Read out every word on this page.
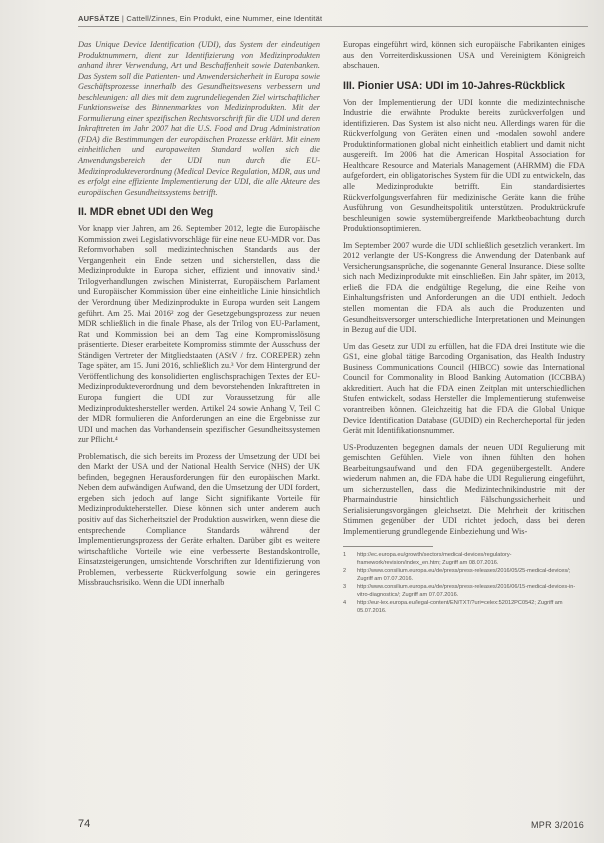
AUFSÄTZE | Cattell/Zinnes, Ein Produkt, eine Nummer, eine Identität

Das Unique Device Identification (UDI), das System der eindeutigen Produktnummern, dient zur Identifizierung von Medizinprodukten anhand ihrer Verwendung, Art und Beschaffenheit sowie Datenbanken. Das System soll die Patienten- und Anwendersicherheit in Europa sowie Geschäftsprozesse innerhalb des Gesundheitswesens verbessern und beschleunigen: all dies mit dem zugrundeliegenden Ziel wirtschaftlicher Funktionsweise des Binnenmarktes von Medizinprodukten. Mit der Formulierung einer spezifischen Rechtsvorschrift für die UDI und deren Inkrafttreten im Jahr 2007 hat die U.S. Food and Drug Administration (FDA) die Bestimmungen der europäischen Prozesse erklärt. Mit einem einheitlichen und europaweiten Standard wollen sich die Anwendungsbereich der UDI nun durch die EU-Medizinprodukteverordnung (Medical Device Regulation, MDR, aus und es erfolgt eine effiziente Implementierung der UDI, die alle Akteure des europäischen Gesundheitssystems betrifft.

II. MDR ebnet UDI den Weg

Vor knapp vier Jahren, am 26. September 2012, legte die Europäische Kommission zwei Legislativvorschläge für eine neue EU-MDR vor. Das Reformvorhaben soll medizintechnischen Standards aus der Vergangenheit ein Ende setzen und sicherstellen, dass die Medizinprodukte in Europa sicher, effizient und innovativ sind.¹ Trilogverhandlungen zwischen Ministerrat, Europäischem Parlament und Europäischer Kommission über eine einheitliche Linie hinsichtlich der Verordnung über Medizinprodukte in Europa wurden seit Langem geführt. Am 25. Mai 2016² zog der Gesetzgebungsprozess zur neuen MDR schließlich in die finale Phase, als der Trilog von EU-Parlament, Rat und Kommission bei an dem Tag eine Kompromisslösung präsentierte. Dieser erarbeitete Kompromiss stimmte der Ausschuss der Ständigen Vertreter der Mitgliedstaaten (AStV / frz. COREPER) zehn Tage später, am 15. Juni 2016, schließlich zu.³ Vor dem Hintergrund der Veröffentlichung des konsolidierten englischsprachigen Textes der EU-Medizinprodukteverordnung und dem bevorstehenden Inkrafttreten in Europa fungiert die UDI zur Voraussetzung für alle Medizinprodukteshersteller werden. Artikel 24 sowie Anhang V, Teil C der MDR formulieren die Anforderungen an eine die Ergebnisse zur UDI und machen das Vorhandensein spezifischer Gesundheitssystemen zur Pflicht.⁴

Problematisch, die sich bereits im Prozess der Umsetzung der UDI bei den Markt der USA und der National Health Service (NHS) der UK befinden, begegnen Herausforderungen für den europäischen Markt. Neben dem aufwändigen Aufwand, den die Umsetzung der UDI fordert, ergeben sich jedoch auf lange Sicht signifikante Vorteile für Medizinproduktehersteller. Diese können sich unter anderem auch positiv auf das Sicherheitsziel der Produktion auswirken, wenn diese die entsprechende Compliance Standards während der Implementierungsprozess der Geräte erhalten. Darüber gibt es weitere wirtschaftliche Vorteile wie eine verbesserte Bestandskontrolle, Einsatzsteigerungen, umsichtende Vorschriften zur Identifizierung von Problemen, verbesserte Rückverfolgung sowie ein geringeres Missbrauchsrisiko. Wenn die UDI innerhalb

Europas eingeführt wird, können sich europäische Fabrikanten einiges aus den Vorreiterdiskussionen USA und Vereinigtem Königreich abschauen.

III. Pionier USA: UDI im 10-Jahres-Rückblick

Von der Implementierung der UDI konnte die medizintechnische Industrie die erwähnte Produkte bereits zurückverfolgen und identifizieren. Das System ist also nicht neu. Allerdings waren für die Rückverfolgung von Geräten einen und -modalen sowohl andere Produktinformationen global nicht einheitlich etabliert und damit nicht ausgereift. Im 2006 hat die American Hospital Association for Healthcare Resource and Materials Management (AHRMM) die FDA aufgefordert, ein obligatorisches System für die UDI zu entwickeln, das alle Medizinprodukte betrifft. Ein standardisiertes Rückverfolgungsverfahren für medizinische Geräte kann die frühe Ausführung von Gesundheitspolitik unterstützen. Produktrückrufe beschleunigen sowie systemübergreifende Marktbeobachtung durch Produktionsoptimieren.

Im September 2007 wurde die UDI schließlich gesetzlich verankert. Im 2012 verlangte der US-Kongress die Anwendung der Datenbank auf Versicherungsansprüche, die sogenannte General Insurance. Diese sollte sich nach Medizinprodukte mit einschließen. Ein Jahr später, im 2013, erließ die FDA die endgültige Regelung, die eine Reihe von Einhaltungsfristen und Anforderungen an die UDI enthielt. Jedoch stellen momentan die FDA als auch die Produzenten und Gesundheitsversorger unterschiedliche Interpretationen und Meinungen in Bezug auf die UDI.

Um das Gesetz zur UDI zu erfüllen, hat die FDA drei Institute wie die GS1, eine global tätige Barcoding Organisation, das Health Industry Business Communications Council (HIBCC) sowie das International Council for Commonality in Blood Banking Automation (ICCBBA) akkreditiert. Auch hat die FDA einen Zeitplan mit unterschiedlichen Stufen entwickelt, sodass Hersteller die Implementierung stufenweise vorantreiben können. Gleichzeitig hat die FDA die Global Unique Device Identification Database (GUDID) ein Rechercheportal für jeden Gerät mit Identifikationsnummer.

US-Produzenten begegnen damals der neuen UDI Regulierung mit gemischten Gefühlen. Viele von ihnen fühlten den hohen Bearbeitungsaufwand und den FDA gegenübergestellt. Andere wiederum nahmen an, die FDA habe die UDI Regulierung eingeführt, um sicherzustellen, dass die Medizintechnikindustrie mit der Pharmaindustrie hinsichtlich Fälschungssicherheit und Serialisierungsvorgängen gleichsetzt. Die Mehrheit der kritischen Stimmen gegenüber der UDI richtet jedoch, dass bei deren Implementierung grundlegende Einbeziehung und Wis-

1	http://ec.europa.eu/growth/sectors/medical-devices/regulatory-framework/revision/index_en.htm; Zugriff am 08.07.2016.
2	http://www.consilium.europa.eu/de/press/press-releases/2016/05/25-medical-devices/; Zugriff am 07.07.2016.
3	http://www.consilium.europa.eu/de/press/press-releases/2016/06/15-medical-devices-in-vitro-diagnostics/; Zugriff am 07.07.2016.
4	http://eur-lex.europa.eu/legal-content/EN/TXT/?uri=celex:52012PC0542; Zugriff am 05.07.2016.
74	MPR 3/2016
